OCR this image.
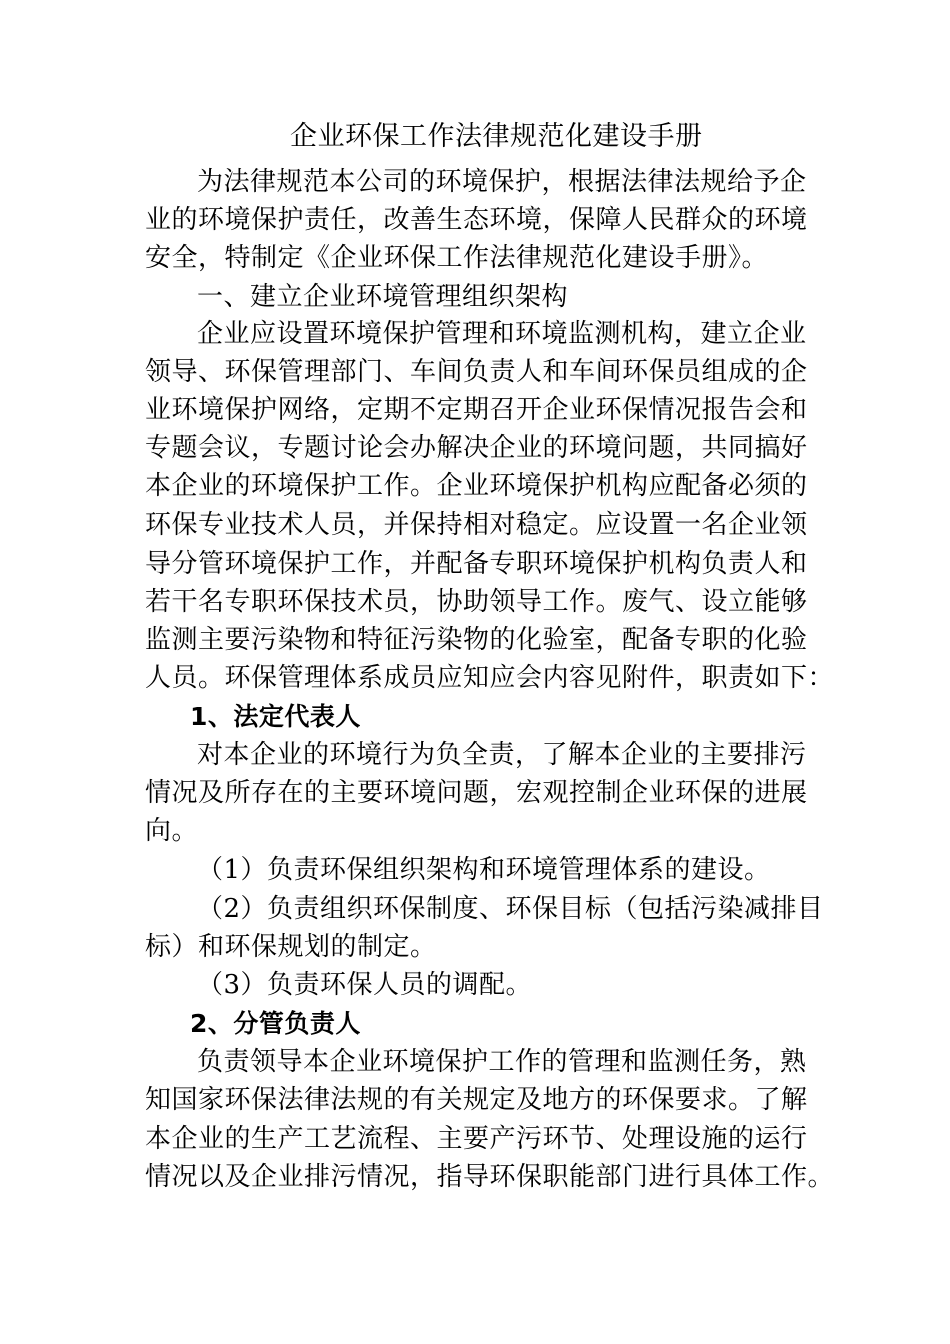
企业环保工作法律规范化建设手册
为法律规范本公司的环境保护，根据法律法规给予企
业的环境保护责任，改善生态环境，保障人民群众的环境
安全，特制定《企业环保工作法律规范化建设手册》。
一、建立企业环境管理组织架构
企业应设置环境保护管理和环境监测机构，建立企业
领导、环保管理部门、车间负责人和车间环保员组成的企
业环境保护网络，定期不定期召开企业环保情况报告会和
专题会议，专题讨论会办解决企业的环境问题，共同搞好
本企业的环境保护工作。企业环境保护机构应配备必须的
环保专业技术人员，并保持相对稳定。应设置一名企业领
导分管环境保护工作，并配备专职环境保护机构负责人和
若干名专职环保技术员，协助领导工作。废气、设立能够
监测主要污染物和特征污染物的化验室，配备专职的化验
人员。环保管理体系成员应知应会内容见附件，职责如下：
1、法定代表人
对本企业的环境行为负全责，了解本企业的主要排污
情况及所存在的主要环境问题，宏观控制企业环保的进展
向。
（1）负责环保组织架构和环境管理体系的建设。
（2）负责组织环保制度、环保目标（包括污染减排目
标）和环保规划的制定。
（3）负责环保人员的调配。
2、分管负责人
负责领导本企业环境保护工作的管理和监测任务，熟
知国家环保法律法规的有关规定及地方的环保要求。了解
本企业的生产工艺流程、主要产污环节、处理设施的运行
情况以及企业排污情况，指导环保职能部门进行具体工作。
